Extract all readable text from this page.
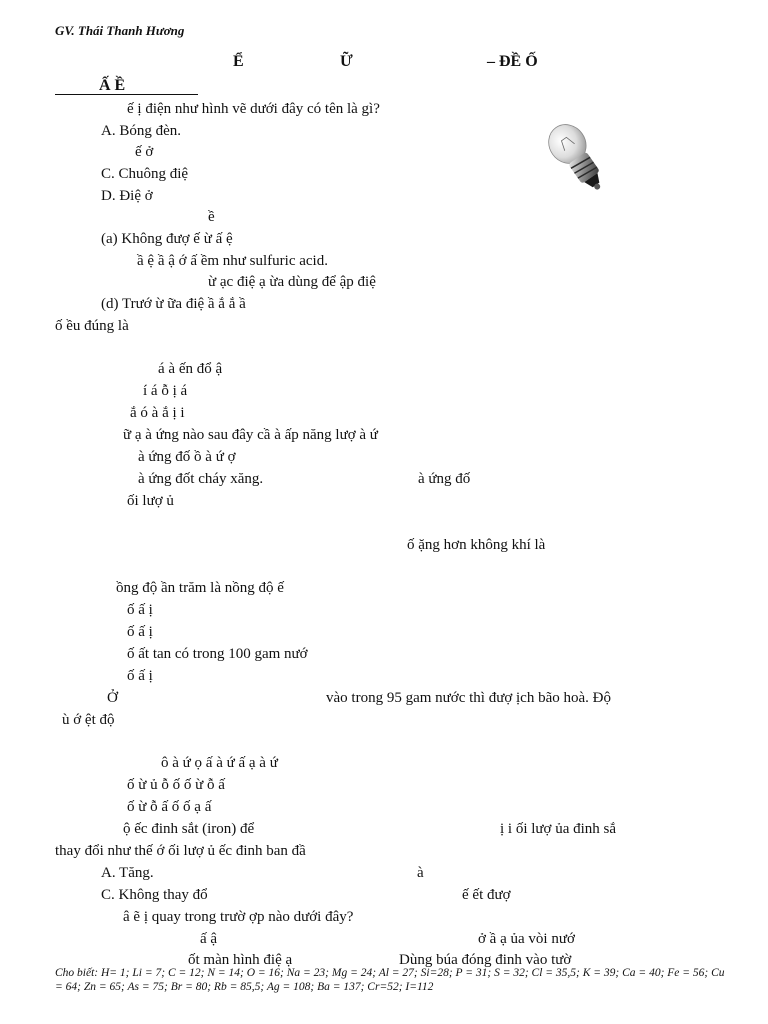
GV. Thái Thanh Hương
Ể	Ữ	– ĐỀ Ố
Ấ Ề
ế ị điện như hình vẽ dưới đây có tên là gì?
A. Bóng đèn.
ế ở
C. Chuông điệ
D. Điệ ở
ề
(a) Không đượ ế ừ ấ ệ
ầ ệ ầ ậ ớ ấ ềm như sulfuric acid.
ừ ạc điệ ạ ừa dùng để ập điệ
(d) Trướ ừ ữa điệ ầ ắ ắ ầ
ố ều đúng là
á à ến đổ ậ
í á ỗ ị á
ắ ó à ắ ị i
ữ ạ à ứng nào sau đây cầ à ấp năng lượ à ứ
à ứng đố ồ à ứ ợ
à ứng đốt cháy xăng.	à ứng đố
ối lượ ủ
ố ặng hơn không khí là
ồng độ ần trăm là nồng độ ế
ố ấ ị
ố ấ ị
ố ất tan có trong 100 gam nướ
ố ấ ị
Ở	vào trong 95 gam nước thì đượ ịch bão hoà. Độ
ù ớ ệt độ
ô à ứ ọ ấ à ứ ấ ạ à ứ
ố ừ ủ ỗ ố ố ừ ỗ ấ
ố ừ ỗ ấ ố ố ạ ấ
ộ ếc đinh sắt (iron) để	ị i ối lượ ủa đinh sắ
thay đổi như thế ớ ối lượ ủ ếc đinh ban đầ
A. Tăng.	à
C. Không thay đổ	ế ết đượ
â ẽ ị quay trong trườ ợp nào dưới đây?
ấ ậ	ở ầ ạ ủa vòi nướ
ốt màn hình điệ ạ	Dùng búa đóng đinh vào tườ
Cho biết: H= 1; Li = 7; C = 12; N = 14; O = 16; Na = 23; Mg = 24; Al = 27; Si=28; P = 31; S = 32; Cl = 35,5; K = 39; Ca = 40; Fe = 56; Cu = 64; Zn = 65; As = 75; Br = 80; Rb = 85,5; Ag = 108; Ba = 137; Cr=52; I=112
